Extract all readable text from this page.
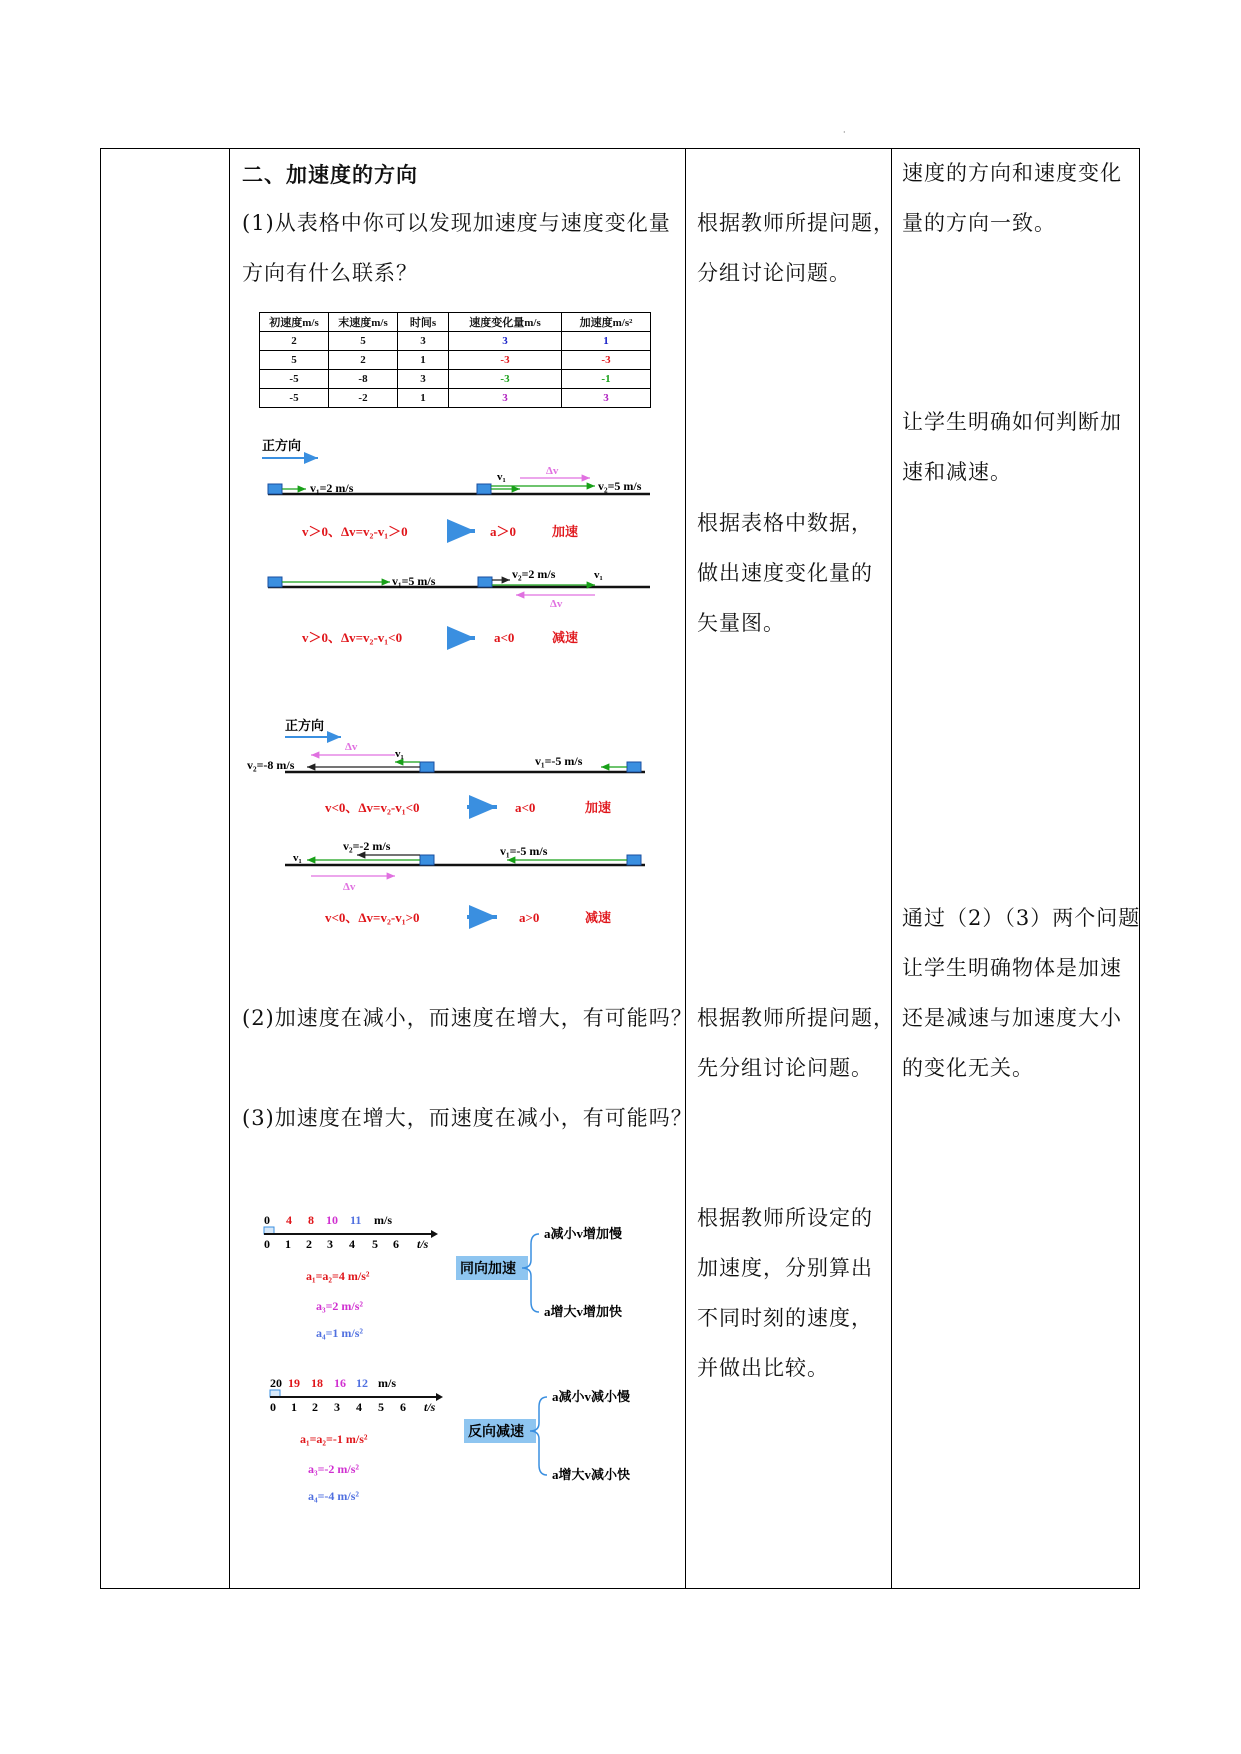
·
二、加速度的方向
(1)从表格中你可以发现加速度与速度变化量
方向有什么联系？
(2)加速度在减小，而速度在增大，有可能吗？
(3)加速度在增大，而速度在减小，有可能吗？
初速度m/s	末速度m/s	时间s	速度变化量m/s	加速度m/s²
2	5	3	3	1
5	2	1	-3	-3
-5	-8	3	-3	-1
-5	-2	1	3	3
正方向
v₁=2 m/s
v₁	Δv
v₂=5 m/s
v＞0、Δv=v₂-v₁＞0	a＞0	加速
v₁=5 m/s	v₂=2 m/s	v₁
Δv
v＞0、Δv=v₂-v₁<0	a<0	减速
正方向
v₂=-8 m/s
v₁
Δv
v₁=-5 m/s
v<0、Δv=v₂-v₁<0	a<0	加速
v₁
v₂=-2 m/s	v₁=-5 m/s
Δv
v<0、Δv=v₂-v₁>0	a>0	减速
0 4 8 10 11 m/s
0 1 2 3 4 5 6 t/s
a₁=a₂=4 m/s²
a₃=2 m/s²
a₄=1 m/s²
同向加速
a减小v增加慢
a增大v增加快
20 19 18 16 12 m/s
0 1 2 3 4 5 6 t/s
a₁=a₂=-1 m/s²
a₃=-2 m/s²
a₄=-4 m/s²
反向减速
a减小v减小慢
a增大v减小快
根据教师所提问题，
分组讨论问题。
根据表格中数据，
做出速度变化量的
矢量图。
根据教师所提问题，
先分组讨论问题。
根据教师所设定的
加速度，分别算出
不同时刻的速度，
并做出比较。
速度的方向和速度变化
量的方向一致。
让学生明确如何判断加
速和减速。
通过（2）（3）两个问题
让学生明确物体是加速
还是减速与加速度大小
的变化无关。
